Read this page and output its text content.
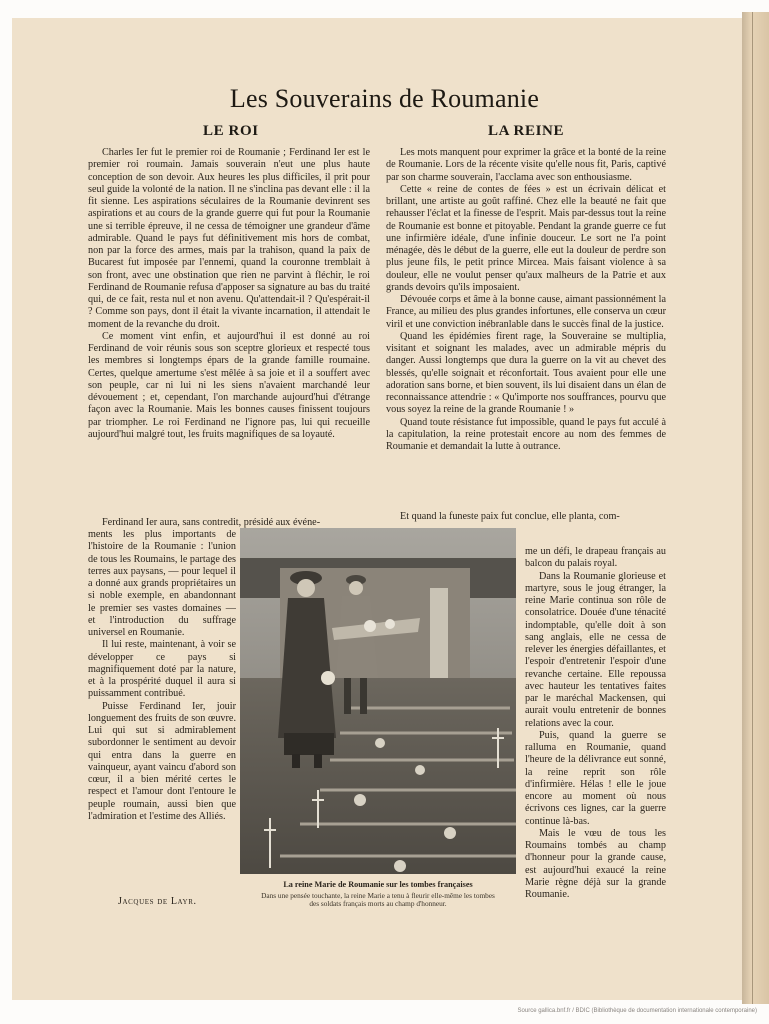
Les Souverains de Roumanie
LE ROI	LA REINE

Charles Ier fut le premier roi de Roumanie ; Ferdinand Ier est le premier roi roumain. Jamais souverain n'eut une plus haute conception de son devoir. Aux heures les plus difficiles, il prit pour seul guide la volonté de la nation. Il ne s'inclina pas devant elle : il la fit sienne. Les aspirations séculaires de la Roumanie devinrent ses aspirations et au cours de la grande guerre qui fut pour la Roumanie une si terrible épreuve, il ne cessa de témoigner une grandeur d'âme admirable. Quand le pays fut définitivement mis hors de combat, non par la force des armes, mais par la trahison, quand la paix de Bucarest fut imposée par l'ennemi, quand la couronne tremblait à son front, avec une obstination que rien ne parvint à fléchir, le roi Ferdinand de Roumanie refusa d'apposer sa signature au bas du traité qui, de ce fait, resta nul et non avenu. Qu'attendait-il ? Qu'espérait-il ? Comme son pays, dont il était la vivante incarnation, il attendait le moment de la revanche du droit.

Ce moment vint enfin, et aujourd'hui il est donné au roi Ferdinand de voir réunis sous son sceptre glorieux et respecté tous les membres si longtemps épars de la grande famille roumaine. Certes, quelque amertume s'est mêlée à sa joie et il a souffert avec son peuple, car ni lui ni les siens n'avaient marchandé leur dévouement ; et, cependant, l'on marchande aujourd'hui d'étrange façon avec la Roumanie. Mais les bonnes causes finissent toujours par triompher. Le roi Ferdinand ne l'ignore pas, lui qui recueille aujourd'hui malgré tout, les fruits magnifiques de sa loyauté.

Ferdinand Ier aura, sans contredit, présidé aux événe-

ments les plus importants de l'histoire de la Roumanie : l'union de tous les Roumains, le partage des terres aux paysans, — pour lequel il a donné aux grands propriétaires un si noble exemple, en abandonnant le premier ses vastes domaines — et l'introduction du suffrage universel en Roumanie.

Il lui reste, maintenant, à voir se développer ce pays si magnifiquement doté par la nature, et à la prospérité duquel il aura si puissamment contribué.

Puisse Ferdinand Ier, jouir longuement des fruits de son œuvre. Lui qui sut si admirablement subordonner le sentiment au devoir qui entra dans la guerre en vainqueur, ayant vaincu d'abord son cœur, il a bien mérité certes le respect et l'amour dont l'entoure le peuple roumain, aussi bien que l'admiration et l'estime des Alliés.

Jacques de Layr.

Les mots manquent pour exprimer la grâce et la bonté de la reine de Roumanie. Lors de la récente visite qu'elle nous fit, Paris, captivé par son charme souverain, l'acclama avec son enthousiasme.

Cette « reine de contes de fées » est un écrivain délicat et brillant, une artiste au goût raffiné. Chez elle la beauté ne fait que rehausser l'éclat et la finesse de l'esprit. Mais par-dessus tout la reine de Roumanie est bonne et pitoyable. Pendant la grande guerre ce fut une infirmière idéale, d'une infinie douceur. Le sort ne l'a point ménagée, dès le début de la guerre, elle eut la douleur de perdre son plus jeune fils, le petit prince Mircea. Mais faisant violence à sa douleur, elle ne voulut penser qu'aux malheurs de la Patrie et aux grands devoirs qu'ils imposaient.

Dévouée corps et âme à la bonne cause, aimant passionnément la France, au milieu des plus grandes infortunes, elle conserva un cœur viril et une conviction inébranlable dans le succès final de la justice.

Quand les épidémies firent rage, la Souveraine se multiplia, visitant et soignant les malades, avec un admirable mépris du danger. Aussi longtemps que dura la guerre on la vit au chevet des blessés, qu'elle soignait et réconfortait. Tous avaient pour elle une adoration sans borne, et bien souvent, ils lui disaient dans un élan de reconnaissance attendrie : « Qu'importe nos souffrances, pourvu que vous soyez la reine de la grande Roumanie ! »

Quand toute résistance fut impossible, quand le pays fut acculé à la capitulation, la reine protestait encore au nom des femmes de Roumanie et demandait la lutte à outrance.

Et quand la funeste paix fut conclue, elle planta, com-

me un défi, le drapeau français au balcon du palais royal.

Dans la Roumanie glorieuse et martyre, sous le joug étranger, la reine Marie continua son rôle de consolatrice. Douée d'une ténacité indomptable, qu'elle doit à son sang anglais, elle ne cessa de relever les énergies défaillantes, et l'espoir d'entretenir l'espoir d'une revanche certaine. Elle repoussa avec hauteur les tentatives faites par le maréchal Mackensen, qui aurait voulu entretenir de bonnes relations avec la cour.

Puis, quand la guerre se ralluma en Roumanie, quand l'heure de la délivrance eut sonné, la reine reprit son rôle d'infirmière. Hélas ! elle le joue encore au moment où nous écrivons ces lignes, car la guerre continue là-bas.

Mais le vœu de tous les Roumains tombés au champ d'honneur pour la grande cause, est aujourd'hui exaucé la reine Marie règne déjà sur la grande Roumanie.

La reine Marie de Roumanie sur les tombes françaises
Dans une pensée touchante, la reine Marie a tenu à fleurir elle-même les tombes des soldats français morts au champ d'honneur.
Source gallica.bnf.fr / BDIC (Bibliothèque de documentation internationale contemporaine)
